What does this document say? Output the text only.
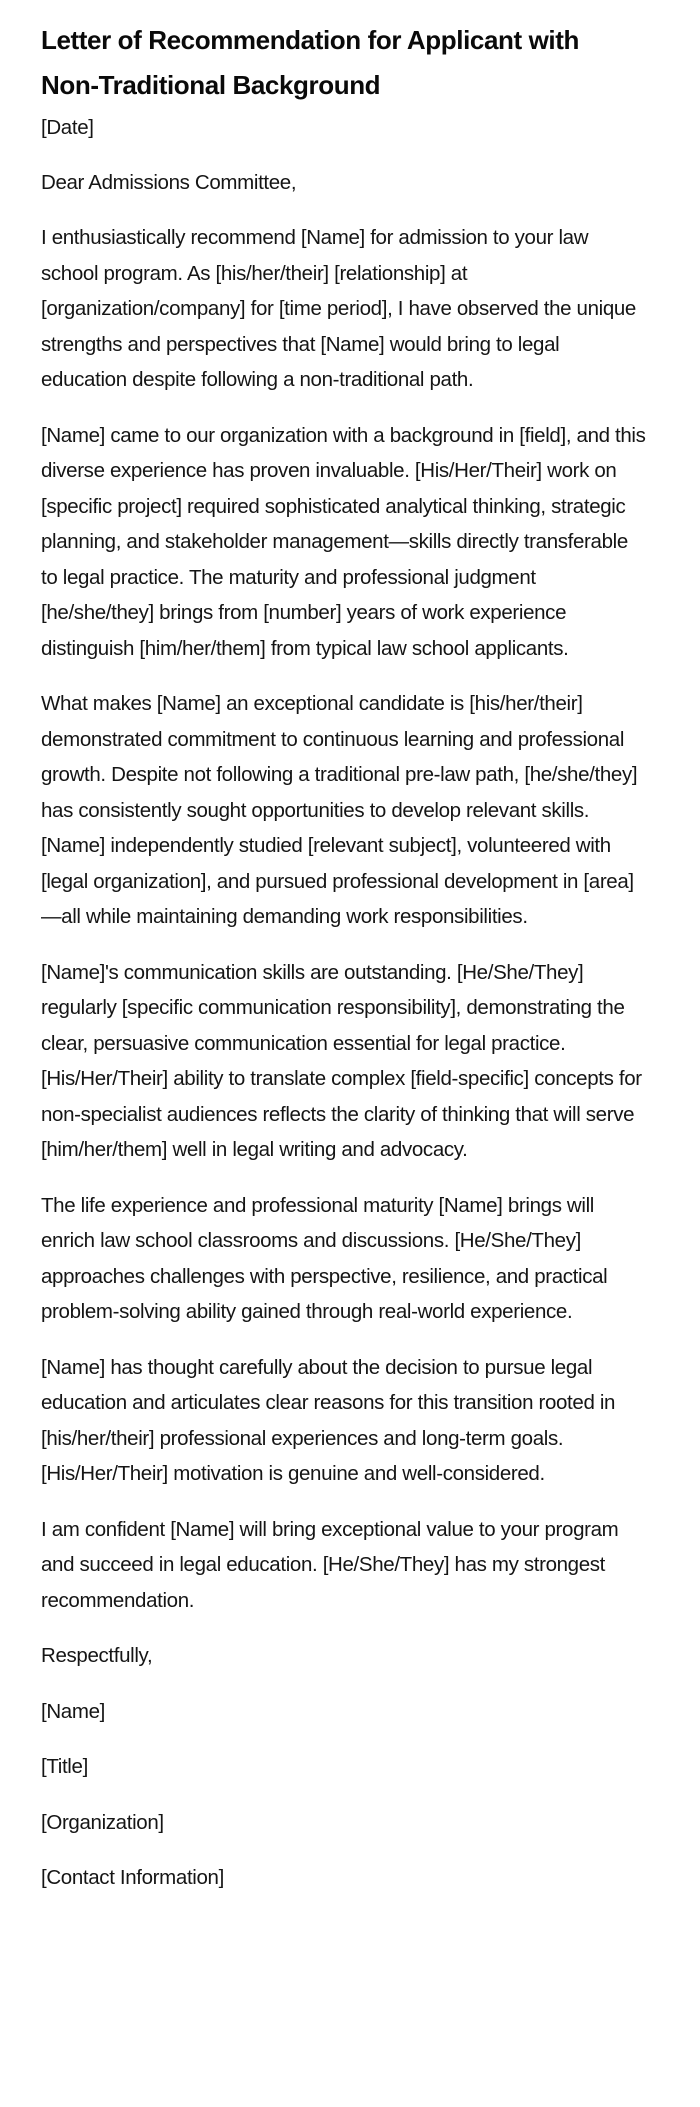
Letter of Recommendation for Applicant with Non-Traditional Background
[Date]
Dear Admissions Committee,

I enthusiastically recommend [Name] for admission to your law school program. As [his/her/their] [relationship] at [organization/company] for [time period], I have observed the unique strengths and perspectives that [Name] would bring to legal education despite following a non-traditional path.

[Name] came to our organization with a background in [field], and this diverse experience has proven invaluable. [His/Her/Their] work on [specific project] required sophisticated analytical thinking, strategic planning, and stakeholder management—skills directly transferable to legal practice. The maturity and professional judgment [he/she/they] brings from [number] years of work experience distinguish [him/her/them] from typical law school applicants.

What makes [Name] an exceptional candidate is [his/her/their] demonstrated commitment to continuous learning and professional growth. Despite not following a traditional pre-law path, [he/she/they] has consistently sought opportunities to develop relevant skills. [Name] independently studied [relevant subject], volunteered with [legal organization], and pursued professional development in [area]—all while maintaining demanding work responsibilities.

[Name]'s communication skills are outstanding. [He/She/They] regularly [specific communication responsibility], demonstrating the clear, persuasive communication essential for legal practice. [His/Her/Their] ability to translate complex [field-specific] concepts for non-specialist audiences reflects the clarity of thinking that will serve [him/her/them] well in legal writing and advocacy.

The life experience and professional maturity [Name] brings will enrich law school classrooms and discussions. [He/She/They] approaches challenges with perspective, resilience, and practical problem-solving ability gained through real-world experience.

[Name] has thought carefully about the decision to pursue legal education and articulates clear reasons for this transition rooted in [his/her/their] professional experiences and long-term goals. [His/Her/Their] motivation is genuine and well-considered.

I am confident [Name] will bring exceptional value to your program and succeed in legal education. [He/She/They] has my strongest recommendation.

Respectfully,
[Name]
[Title]
[Organization]
[Contact Information]
